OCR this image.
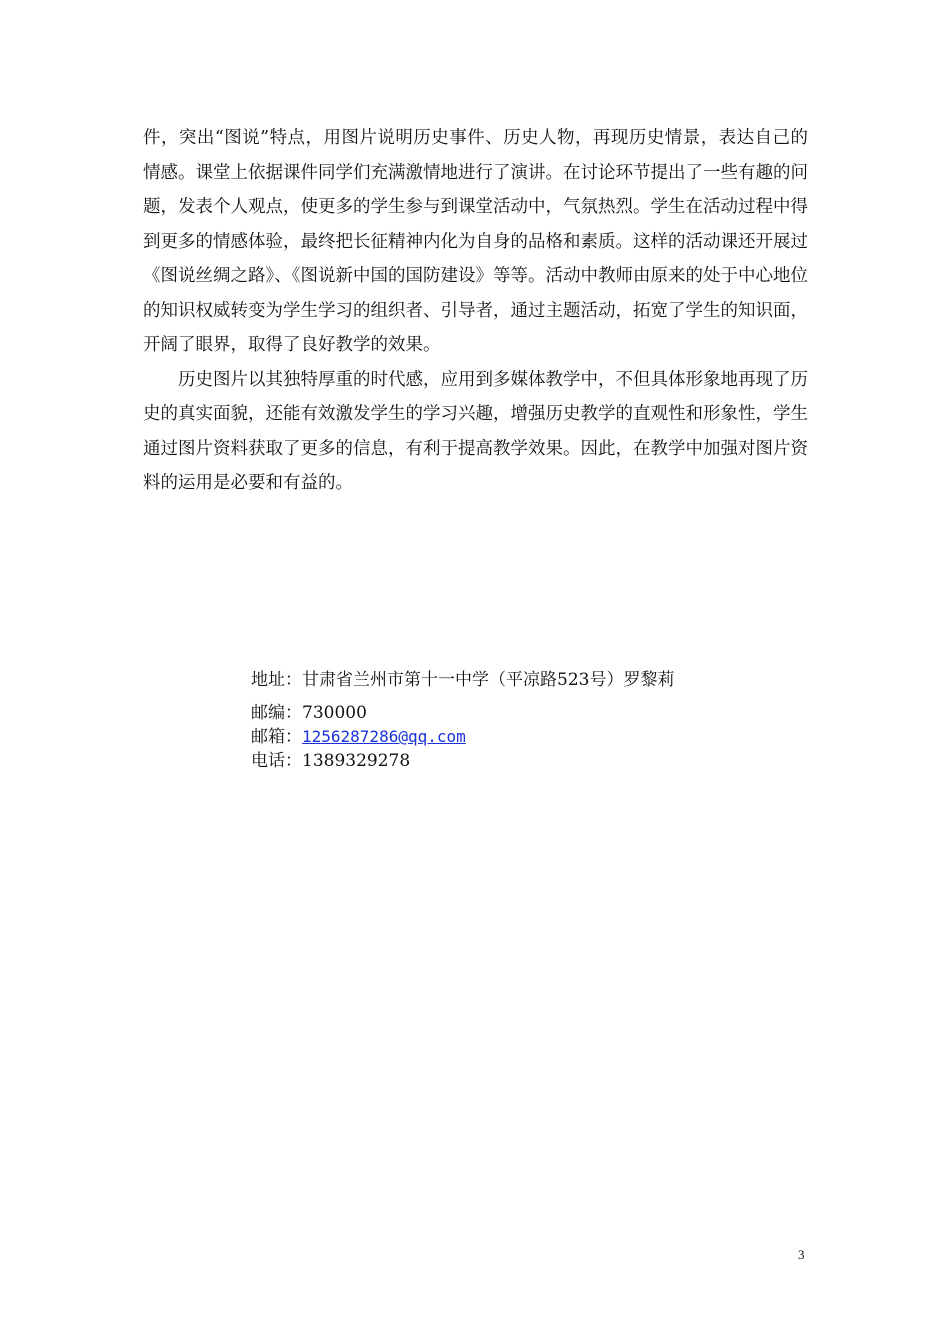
件，突出“图说”特点，用图片说明历史事件、历史人物，再现历史情景，表达自己的情感。课堂上依据课件同学们充满激情地进行了演讲。在讨论环节提出了一些有趣的问题，发表个人观点，使更多的学生参与到课堂活动中，气氛热烈。学生在活动过程中得到更多的情感体验，最终把长征精神内化为自身的品格和素质。这样的活动课还开展过《图说丝绸之路》、《图说新中国的国防建设》等等。活动中教师由原来的处于中心地位的知识权威转变为学生学习的组织者、引导者，通过主题活动，拓宽了学生的知识面，开阔了眼界，取得了良好教学的效果。

历史图片以其独特厚重的时代感，应用到多媒体教学中，不但具体形象地再现了历史的真实面貌，还能有效激发学生的学习兴趣，增强历史教学的直观性和形象性，学生通过图片资料获取了更多的信息，有利于提高教学效果。因此，在教学中加强对图片资料的运用是必要和有益的。

地址：甘肃省兰州市第十一中学（平凉路523号）罗黎莉
邮编：730000
邮箱：1256287286@qq.com
电话：1389329278
3
